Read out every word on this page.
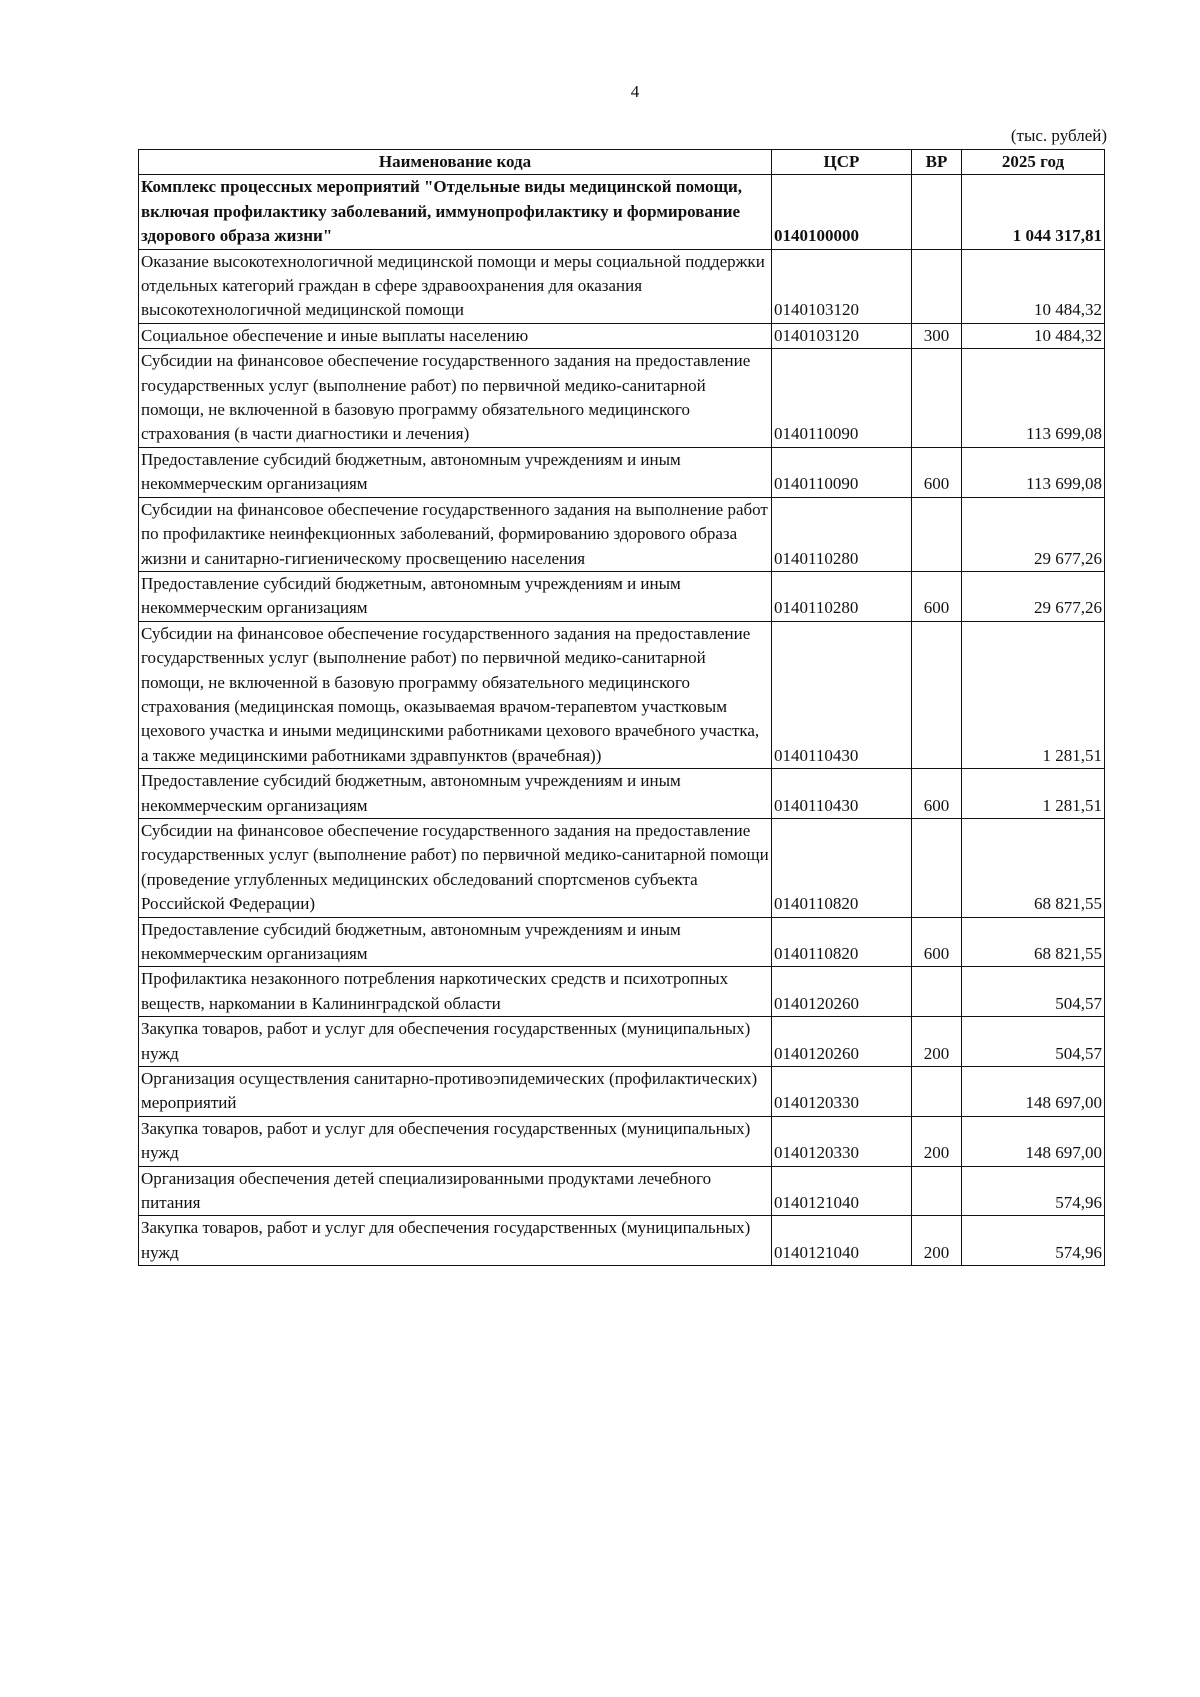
4
(тыс. рублей)
Наименование кода	ЦСР	ВР	2025 год
Комплекс процессных мероприятий "Отдельные виды медицинской помощи, включая профилактику заболеваний, иммунопрофилактику и формирование здорового образа жизни"	0140100000		1 044 317,81
Оказание высокотехнологичной медицинской помощи и меры социальной поддержки отдельных категорий граждан в сфере здравоохранения для оказания высокотехнологичной медицинской помощи	0140103120		10 484,32
Социальное обеспечение и иные выплаты населению	0140103120	300	10 484,32
Субсидии на финансовое обеспечение государственного задания на предоставление государственных услуг (выполнение работ) по первичной медико-санитарной помощи, не включенной в базовую программу обязательного медицинского страхования (в части диагностики и лечения)	0140110090		113 699,08
Предоставление субсидий бюджетным, автономным учреждениям и иным некоммерческим организациям	0140110090	600	113 699,08
Субсидии на финансовое обеспечение государственного задания на выполнение работ по профилактике неинфекционных заболеваний, формированию здорового образа жизни и санитарно-гигиеническому просвещению населения	0140110280		29 677,26
Предоставление субсидий бюджетным, автономным учреждениям и иным некоммерческим организациям	0140110280	600	29 677,26
Субсидии на финансовое обеспечение государственного задания на предоставление государственных услуг (выполнение работ) по первичной медико-санитарной помощи, не включенной в базовую программу обязательного медицинского страхования (медицинская помощь, оказываемая врачом-терапевтом участковым цехового участка и иными медицинскими работниками цехового врачебного участка, а также медицинскими работниками здравпунктов (врачебная))	0140110430		1 281,51
Предоставление субсидий бюджетным, автономным учреждениям и иным некоммерческим организациям	0140110430	600	1 281,51
Субсидии на финансовое обеспечение государственного задания на предоставление государственных услуг (выполнение работ) по первичной медико-санитарной помощи (проведение углубленных медицинских обследований спортсменов субъекта Российской Федерации)	0140110820		68 821,55
Предоставление субсидий бюджетным, автономным учреждениям и иным некоммерческим организациям	0140110820	600	68 821,55
Профилактика незаконного потребления наркотических средств и психотропных веществ, наркомании в Калининградской области	0140120260		504,57
Закупка товаров, работ и услуг для обеспечения государственных (муниципальных) нужд	0140120260	200	504,57
Организация осуществления санитарно-противоэпидемических (профилактических) мероприятий	0140120330		148 697,00
Закупка товаров, работ и услуг для обеспечения государственных (муниципальных) нужд	0140120330	200	148 697,00
Организация обеспечения детей специализированными продуктами лечебного питания	0140121040		574,96
Закупка товаров, работ и услуг для обеспечения государственных (муниципальных) нужд	0140121040	200	574,96
